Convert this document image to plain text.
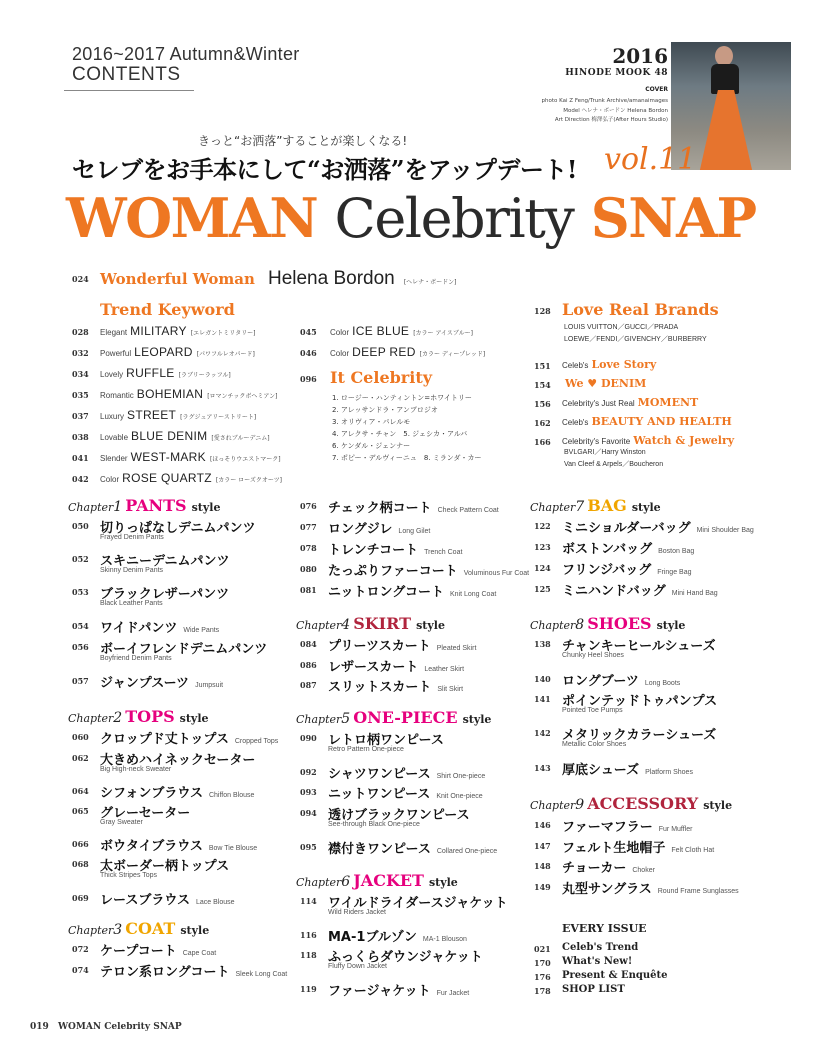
2016~2017 Autumn&Winter
CONTENTS
2016
HINODE MOOK 48
COVER
photo Kai Z Feng/Trunk Archive/amanaimages
Model ヘレナ・ボードン Helena Bordon
Art Direction 梅澤弘子(After Hours Studio)
きっと“お洒落”することが楽しくなる!
セレブをお手本にして“お洒落”をアップデート! vol.11
WOMAN Celebrity SNAP
024 Wonderful Woman Helena Bordon [ヘレナ・ボードン]
Trend Keyword
028	Elegant MILITARY [エレガントミリタリー]
032	Powerful LEOPARD [パワフルレオパード]
034	Lovely RUFFLE [ラブリーラッフル]
035	Romantic BOHEMIAN [ロマンチックボヘミアン]
037	Luxury STREET [ラグジュアリーストリート]
038	Lovable BLUE DENIM [愛されブルーデニム]
041	Slender WEST-MARK [ほっそりウエストマーク]
042	Color ROSE QUARTZ [カラー ローズクオーツ]
045	Color ICE BLUE [カラー アイスブルー]
046	Color DEEP RED [カラー ディープレッド]
096 It Celebrity
1. ロージー・ハンティントン=ホワイトリー
2. アレッサンドラ・アンブロジオ
3. オリヴィア・パレルモ
4. アレクサ・チャン　5. ジェシカ・アルバ
6. ケンダル・ジェンナー
7. ポピー・デルヴィーニュ　8. ミランダ・カー
128 Love Real Brands
LOUIS VUITTON／GUCCI／PRADA
LOEWE／FENDI／GIVENCHY／BURBERRY
151	Celeb's Love Story
154	We ♥ DENIM
156	Celebrity's Just Real MOMENT
162	Celeb's BEAUTY AND HEALTH
166	Celebrity's Favorite Watch & Jewelry
BVLGARI／Harry Winston
Van Cleef & Arpels／Boucheron
Chapter1 PANTS style
050 切りっぱなしデニムパンツ
Frayed Denim Pants
052 スキニーデニムパンツ
Skinny Denim Pants
053 ブラックレザーパンツ
Black Leather Pants
054 ワイドパンツ Wide Pants
056 ボーイフレンドデニムパンツ
Boyfriend Denim Pants
057 ジャンプスーツ Jumpsuit
Chapter2 TOPS style
060 クロップド丈トップス Cropped Tops
062 大きめハイネックセーター
Big High-neck Sweater
064 シフォンブラウス Chiffon Blouse
065 グレーセーター
Gray Sweater
066 ボウタイブラウス Bow Tie Blouse
068 太ボーダー柄トップス
Thick Stripes Tops
069 レースブラウス Lace Blouse
Chapter3 COAT style
072 ケープコート Cape Coat
074 テロン系ロングコート Sleek Long Coat
076 チェック柄コート Check Pattern Coat
077 ロングジレ Long Gilet
078 トレンチコート Trench Coat
080 たっぷりファーコート Voluminous Fur Coat
081 ニットロングコート Knit Long Coat
Chapter4 SKIRT style
084 プリーツスカート Pleated Skirt
086 レザースカート Leather Skirt
087 スリットスカート Slit Skirt
Chapter5 ONE-PIECE style
090 レトロ柄ワンピース
Retro Pattern One-piece
092 シャツワンピース Shirt One-piece
093 ニットワンピース Knit One-piece
094 透け⁠ブラックワンピース
See-through Black One-piece
095 襟付きワンピース Collared One-piece
Chapter6 JACKET style
114 ワイルドライダースジャケット
Wild Riders Jacket
116 MA-1ブルゾン MA-1 Blouson
118 ふっくらダウンジャケット
Fluffy Down Jacket
119 ファージャケット Fur Jacket
Chapter7 BAG style
122 ミニショルダーバッグ Mini Shoulder Bag
123 ボストンバッグ Boston Bag
124 フリンジバッグ Fringe Bag
125 ミニハンドバッグ Mini Hand Bag
Chapter8 SHOES style
138 チャンキーヒールシューズ
Chunky Heel Shoes
140 ロングブーツ Long Boots
141 ポインテッドトゥパンプス
Pointed Toe Pumps
142 メタリックカラーシューズ
Metallic Color Shoes
143 厚底シューズ Platform Shoes
Chapter9 ACCESSORY style
146 ファーマフラー Fur Muffler
147 フェルト生地帽子 Felt Cloth Hat
148 チョーカー Choker
149 丸型サングラス Round Frame Sunglasses
EVERY ISSUE
021	Celeb's Trend
170	What's New!
176	Present & Enquête
178	SHOP LIST
019 WOMAN Celebrity SNAP
